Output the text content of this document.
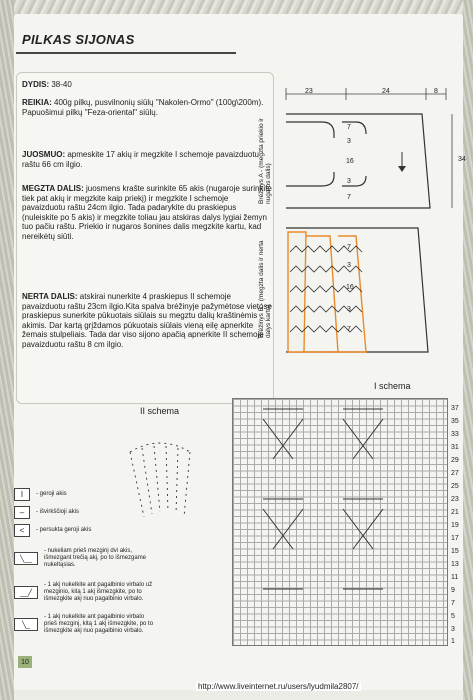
PILKAS SIJONAS
DYDIS: 38-40
REIKIA: 400g pilkų, pusvilnonių siūlų "Nakolen-Ormo" (100g\200m). Papuošimui pilkų "Feza-oriental" siūlų.
JUOSMUO: apmeskite 17 akių ir megzkite I schemoje pavaizduotu raštu 66 cm ilgio.
MEGZTA DALIS: juosmens krašte surinkite 65 akis (nugaroje surinkite tiek pat akių ir megzkite kaip priekį) ir megzkite I schemoje pavaizduotu raštu 24cm ilgio. Tada padarykite du praskiepus (nuleiskite po 5 akis) ir megzkite toliau jau atskiras dalys lygiai žemyn tuo pačiu raštu. Priekio ir nugaros šonines dalis megzkite kartu, kad nereikėtų siūti.
NERTA DALIS: atskirai nunerkite 4 praskiepus II schemoje pavaizduotu raštu 23cm ilgio.Kita spalva brėžinyje pažymėtose vietose praskiepus sunerkite pūkuotais siūlais su megztu dalių kraštinėmis akimis. Dar kartą grįždamos pūkuotais siūlais vieną eilę apnerkite žemais stulpeliais. Tada dar viso sijono apačią apnerkite II schemoje pavaizduotu raštu 8 cm ilgio.
23	24	8
34
7
3
16
3
7
7
3
16
3
7
Brėžinys A - (megzta priekio ir nugaros dalis)
Brėžinys B - (megzta dalis ir nerta dalys kartu)
I schema
37
35
33
31
29
27
25
23
21
19
17
15
13
11
9
7
5
3
1
II schema
I	- geroji akis
–	- išvirkščioji akis
<	- persukta geroji akis
╲__
- nukeliam prieš mezginį dvi akis, išmezgant trečią akį, po to išmezgame nukeltąsias.
__╱
- 1 akį nukelkite ant pagalbinio virbalo už mezginio, kitą 1 akį išmezgkite, po to išmezgkite akį nuo pagalbinio virbalo.
╲_
- 1 akį nukelkite ant pagalbinio virbalo prieš mezginį, kitą 1 akį išmezgkite, po to išmezgkite akį nuo pagalbinio virbalo.
10
http://www.liveinternet.ru/users/lyudmila2807/
